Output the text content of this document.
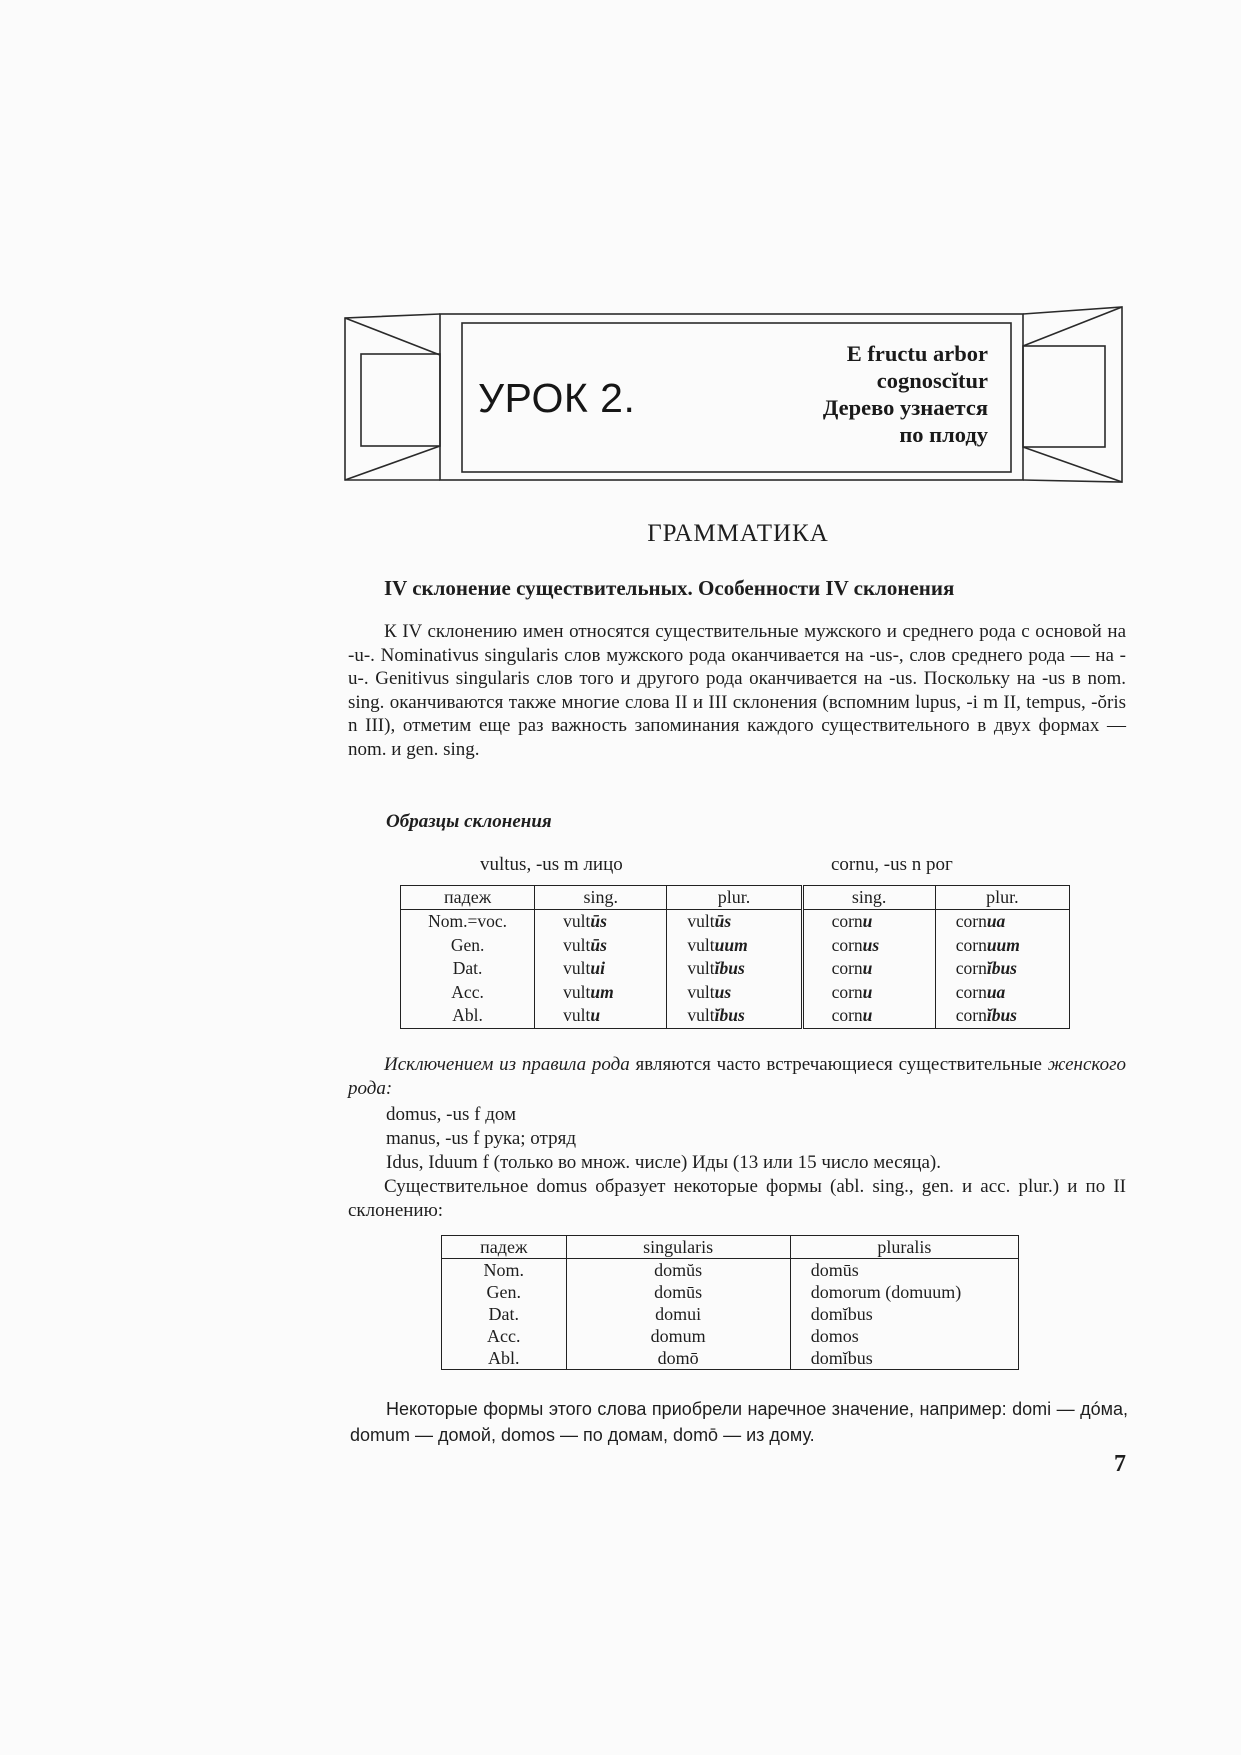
УРОК 2.
E fructu arbor
cognoscĭtur
Дерево узнается
по плоду
ГРАММАТИКА
IV склонение существительных. Особенности IV склонения
К IV склонению имен относятся существительные мужского и среднего рода с основой на -u-. Nominativus singularis слов мужского рода оканчивается на -us-, слов среднего рода — на -u-. Genitivus singularis слов того и другого рода оканчивается на -us. Поскольку на -us в nom. sing. оканчиваются также многие слова II и III склонения (вспомним lupus, -i m II, tempus, -ŏris n III), отметим еще раз важность запоминания каждого существительного в двух формах — nom. и gen. sing.
Образцы склонения
vultus, -us m лицо	cornu, -us n рог
падеж	sing.	plur.	sing.	plur.
Nom.=voc.	vultūs	vultūs	cornu	cornua
Gen.	vultūs	vultuum	cornus	cornuum
Dat.	vultui	vultĭbus	cornu	cornĭbus
Acc.	vultum	vultus	cornu	cornua
Abl.	vultu	vultĭbus	cornu	cornĭbus
Исключением из правила рода являются часто встречающиеся существительные женского рода:
domus, -us f дом
manus, -us f рука; отряд
Idus, Iduum f (только во множ. числе) Иды (13 или 15 число месяца).
Существительное domus образует некоторые формы (abl. sing., gen. и acc. plur.) и по II склонению:
падеж	singularis	pluralis
Nom.	domŭs	domūs
Gen.	domūs	domorum (domuum)
Dat.	domui	domĭbus
Acc.	domum	domos
Abl.	domō	domĭbus
Некоторые формы этого слова приобрели наречное значение, например: domi — дóма, domum — домой, domos — по домам, domō — из дому.
7
